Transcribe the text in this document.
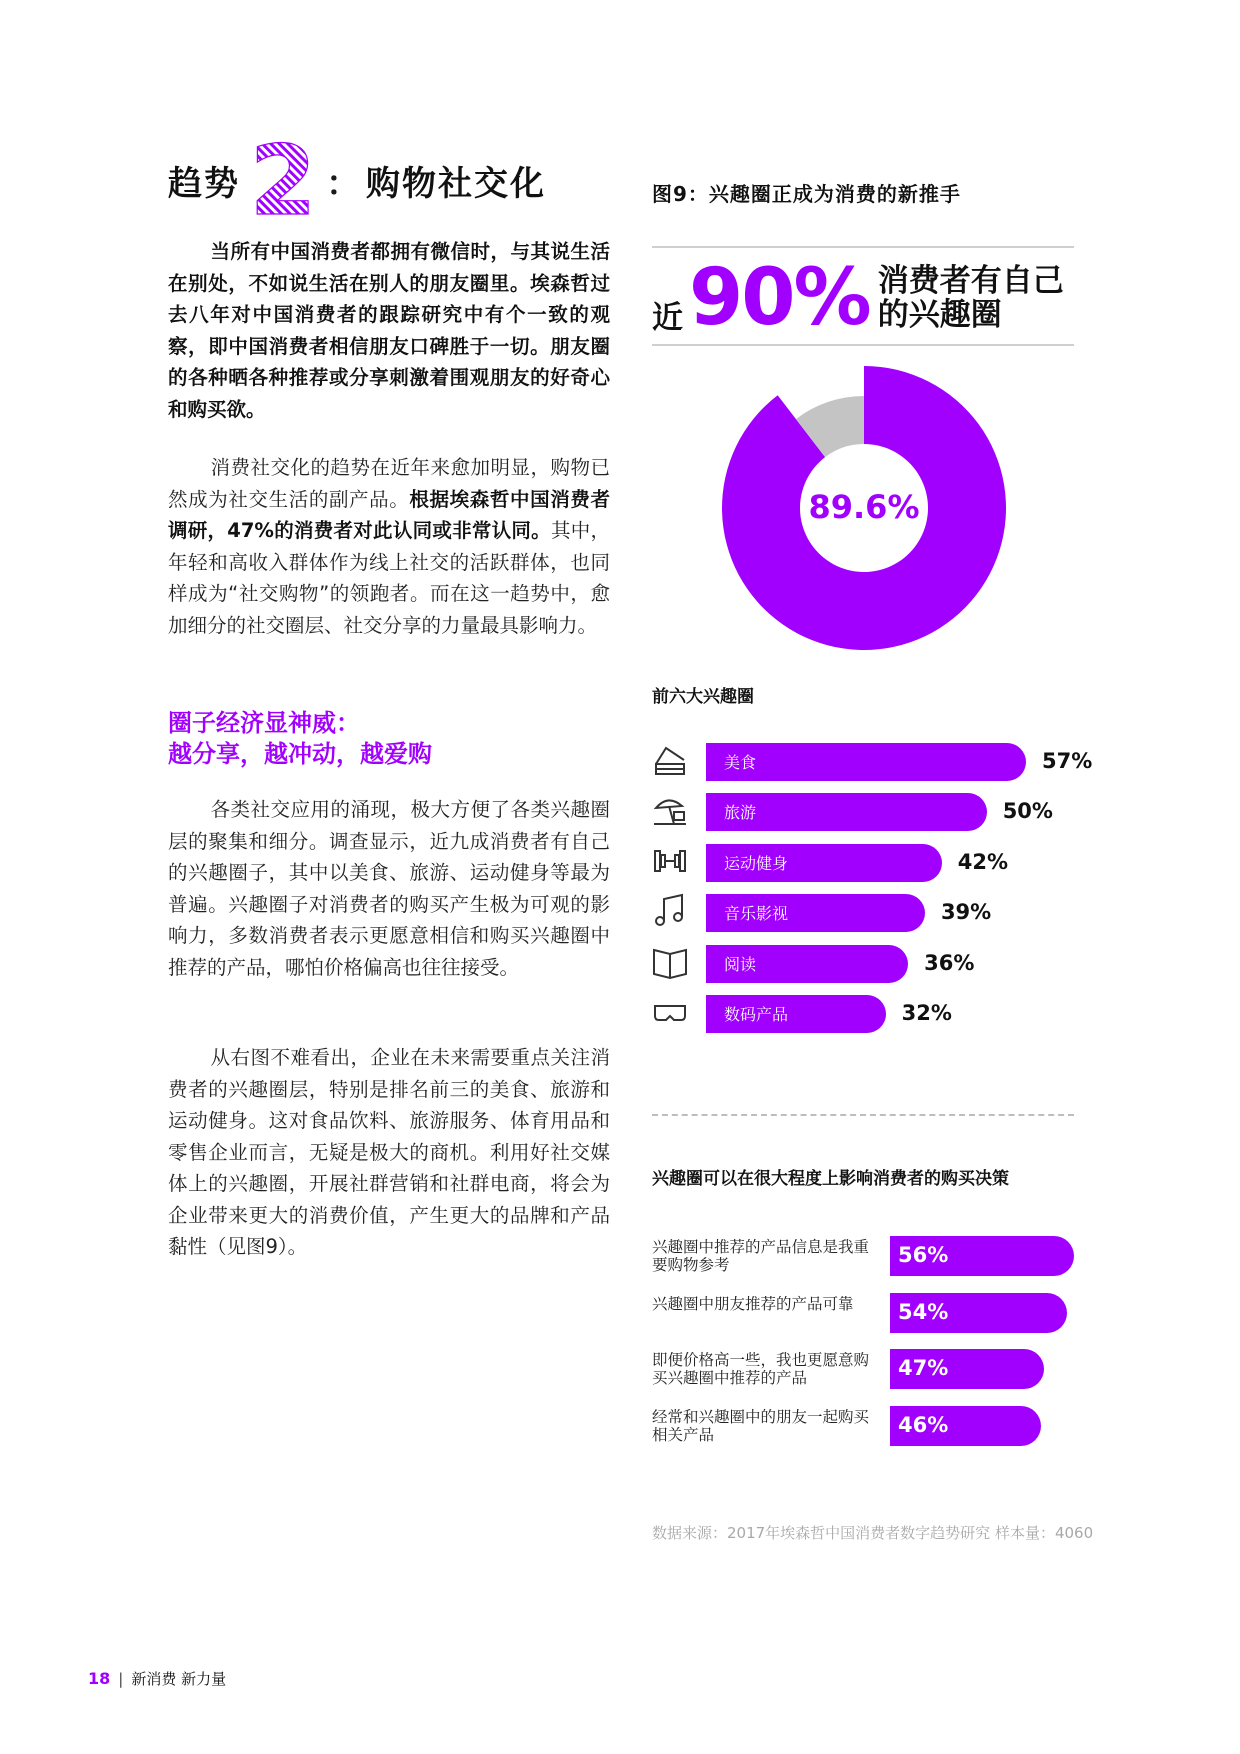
趋势 2 ： 购物社交化
当所有中国消费者都拥有微信时，与其说生活在别处，不如说生活在别人的朋友圈里。埃森哲过去八年对中国消费者的跟踪研究中有个一致的观察，即中国消费者相信朋友口碑胜于一切。朋友圈的各种晒各种推荐或分享刺激着围观朋友的好奇心和购买欲。
消费社交化的趋势在近年来愈加明显，购物已然成为社交生活的副产品。根据埃森哲中国消费者调研，47%的消费者对此认同或非常认同。其中，年轻和高收入群体作为线上社交的活跃群体，也同样成为“社交购物”的领跑者。而在这一趋势中，愈加细分的社交圈层、社交分享的力量最具影响力。
圈子经济显神威：
越分享，越冲动，越爱购
各类社交应用的涌现，极大方便了各类兴趣圈层的聚集和细分。调查显示，近九成消费者有自己的兴趣圈子，其中以美食、旅游、运动健身等最为普遍。兴趣圈子对消费者的购买产生极为可观的影响力，多数消费者表示更愿意相信和购买兴趣圈中推荐的产品，哪怕价格偏高也往往接受。
从右图不难看出，企业在未来需要重点关注消费者的兴趣圈层，特别是排名前三的美食、旅游和运动健身。这对食品饮料、旅游服务、体育用品和零售企业而言，无疑是极大的商机。利用好社交媒体上的兴趣圈，开展社群营销和社群电商，将会为企业带来更大的消费价值，产生更大的品牌和产品黏性（见图9）。
图9：兴趣圈正成为消费的新推手
近 90% 消费者有自己
的兴趣圈
89.6%
前六大兴趣圈
美食	57%
旅游	50%
运动健身	42%
音乐影视	39%
阅读	36%
数码产品	32%
兴趣圈可以在很大程度上影响消费者的购买决策
兴趣圈中推荐的产品信息是我重要购物参考	56%
兴趣圈中朋友推荐的产品可靠	54%
即便价格高一些，我也更愿意购买兴趣圈中推荐的产品	47%
经常和兴趣圈中的朋友一起购买相关产品	46%
数据来源：2017年埃森哲中国消费者数字趋势研究 样本量：4060
18 | 新消费 新力量
